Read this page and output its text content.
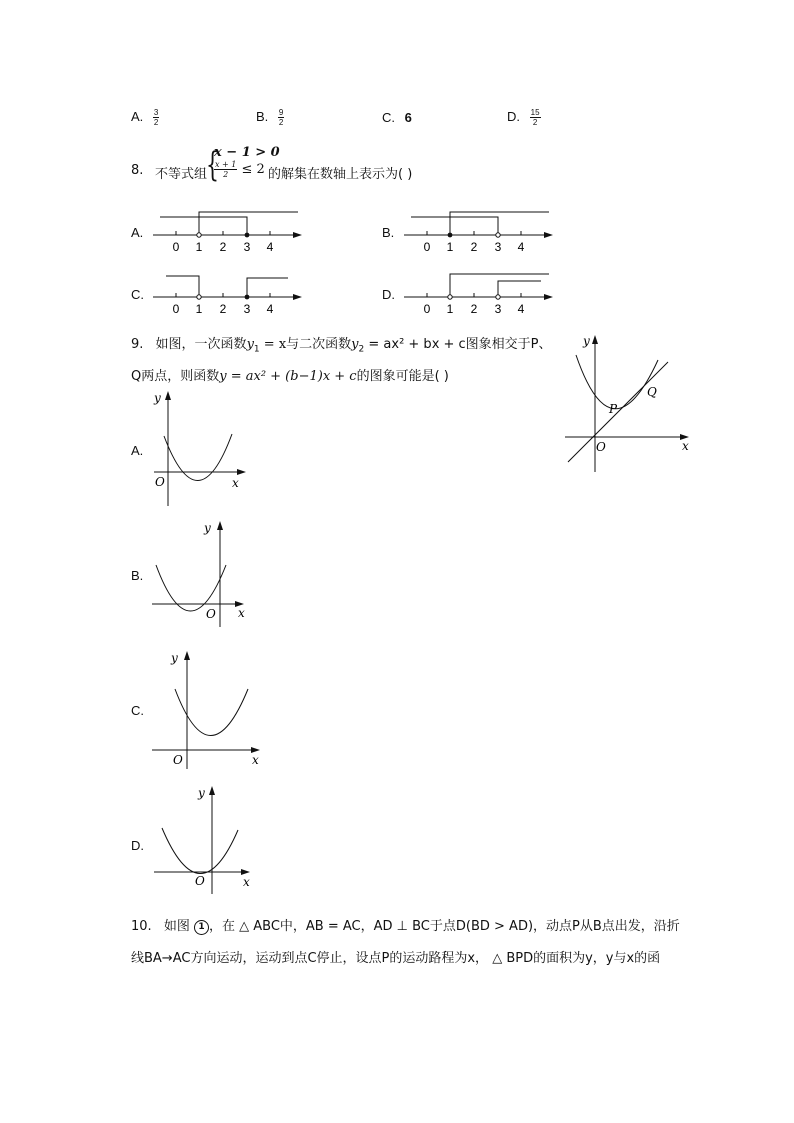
A. $\frac{3}{2}$	B. $\frac{9}{2}$	C. 6	D. $\frac{15}{2}$
8. 不等式组
{
x − 1 > 0
$\frac{x + 1}{2} \le 2$ 的解集在数轴上表示为( )
A.	B.
C.	D.
0 1 2 3 4	0 1 2 3 4
0 1 2 3 4	0 1 2 3 4
9. 如图，一次函数$y_1 = x$与二次函数$y_2 = ax^2$ + bx + c图象相交于P、
Q两点，则函数y = ax² + (b−1)x + c的图象可能是( )
y
x
O
P
Q
A.
B.
C.
D.
y
x
O
y
x
O
y
x
O
y
x
O
10. 如图 1 ，在 △ ABC中，AB = AC，AD ⊥ BC于点D(BD > AD)，动点P从B点出发，沿折
线BA→AC方向运动，运动到点C停止，设点P的运动路程为x， △ BPD的面积为y，y与x的函
